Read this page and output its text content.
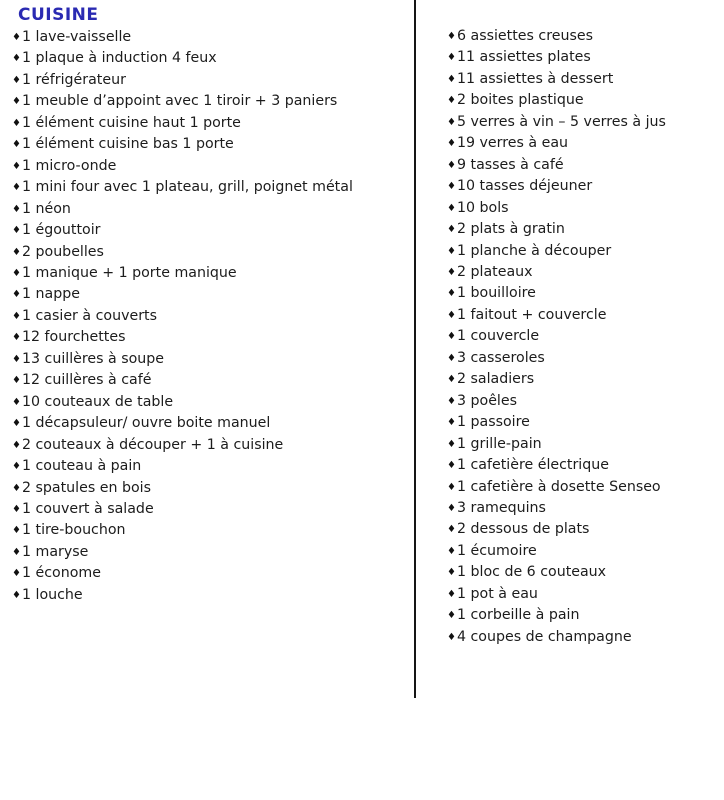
CUISINE
♦1 lave-vaisselle
♦1 plaque à induction 4 feux
♦1 réfrigérateur
♦1 meuble d’appoint avec 1 tiroir + 3 paniers
♦1 élément cuisine haut 1 porte
♦1 élément cuisine bas 1 porte
♦1 micro-onde
♦1 mini four avec 1 plateau, grill, poignet métal
♦1 néon
♦1 égouttoir
♦2 poubelles
♦1 manique + 1 porte manique
♦1 nappe
♦1 casier à couverts
♦12 fourchettes
♦13 cuillères à soupe
♦12 cuillères à café
♦10 couteaux de table
♦1 décapsuleur/ ouvre boite manuel
♦2 couteaux à découper + 1 à cuisine
♦1 couteau à pain
♦2 spatules en bois
♦1 couvert à salade
♦1 tire-bouchon
♦1 maryse
♦1 économe
♦1 louche
♦6 assiettes creuses
♦11 assiettes plates
♦11 assiettes à dessert
♦2 boites plastique
♦5 verres à vin – 5 verres à jus
♦19 verres à eau
♦9 tasses à café
♦10 tasses déjeuner
♦10 bols
♦2 plats à gratin
♦1 planche à découper
♦2 plateaux
♦1 bouilloire
♦1 faitout + couvercle
♦1 couvercle
♦3 casseroles
♦2 saladiers
♦3 poêles
♦1 passoire
♦1 grille-pain
♦1 cafetière électrique
♦1 cafetière à dosette Senseo
♦3 ramequins
♦2 dessous de plats
♦1 écumoire
♦1 bloc de 6 couteaux
♦1 pot à eau
♦1 corbeille à pain
♦4 coupes de champagne
